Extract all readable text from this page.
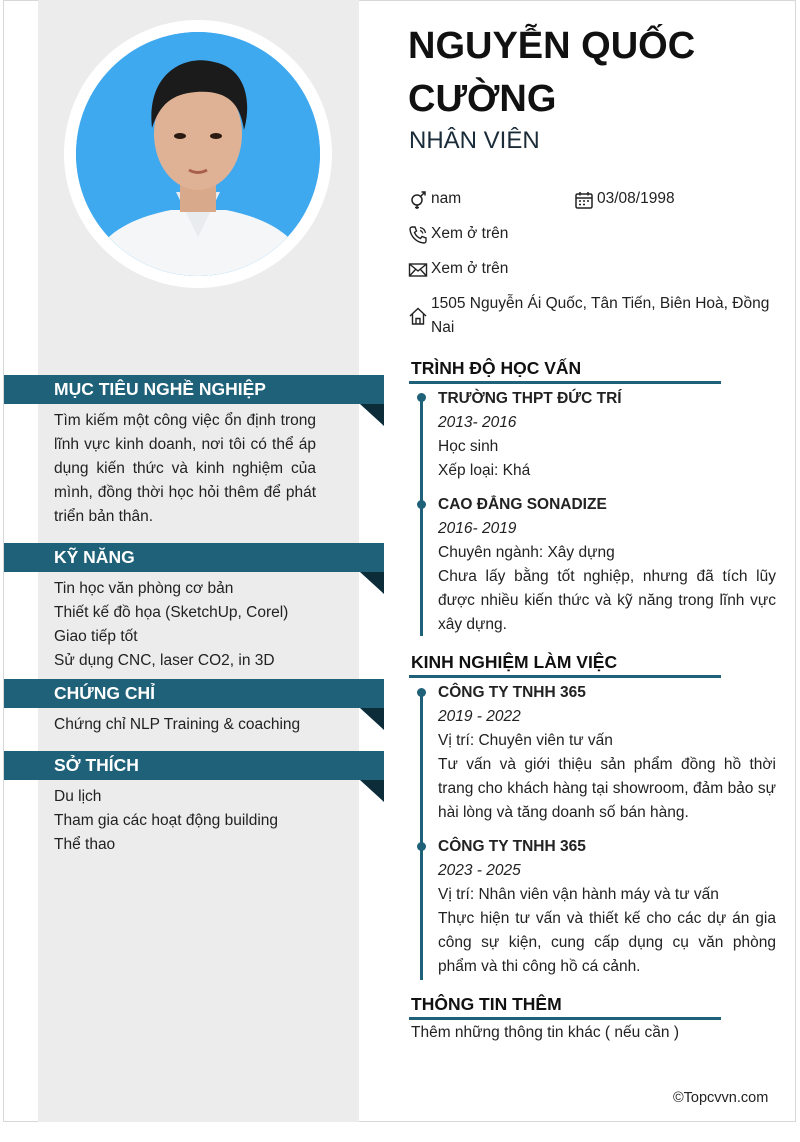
MỤC TIÊU NGHỀ NGHIỆP
Tìm kiếm một công việc ổn định trong lĩnh vực kinh doanh, nơi tôi có thể áp dụng kiến thức và kinh nghiệm của mình, đồng thời học hỏi thêm để phát triển bản thân.
KỸ NĂNG
Tin học văn phòng cơ bản
Thiết kế đồ họa (SketchUp, Corel)
Giao tiếp tốt
Sử dụng CNC, laser CO2, in 3D
CHỨNG CHỈ
Chứng chỉ NLP Training & coaching
SỞ THÍCH
Du lịch
Tham gia các hoạt động building
Thể thao
NGUYỄN QUỐC CƯỜNG
NHÂN VIÊN
nam	03/08/1998
Xem ở trên
Xem ở trên
1505 Nguyễn Ái Quốc, Tân Tiến, Biên Hoà, Đồng Nai
TRÌNH ĐỘ HỌC VẤN
TRƯỜNG THPT ĐỨC TRÍ
2013- 2016
Học sinh
Xếp loại: Khá
CAO ĐẲNG SONADIZE
2016- 2019
Chuyên ngành: Xây dựng
Chưa lấy bằng tốt nghiệp, nhưng đã tích lũy được nhiều kiến thức và kỹ năng trong lĩnh vực xây dựng.
KINH NGHIỆM LÀM VIỆC
CÔNG TY TNHH 365
2019 - 2022
Vị trí: Chuyên viên tư vấn
Tư vấn và giới thiệu sản phẩm đồng hồ thời trang cho khách hàng tại showroom, đảm bảo sự hài lòng và tăng doanh số bán hàng.
CÔNG TY TNHH 365
2023 - 2025
Vị trí: Nhân viên vận hành máy và tư vấn
Thực hiện tư vấn và thiết kế cho các dự án gia công sự kiện, cung cấp dụng cụ văn phòng phẩm và thi công hồ cá cảnh.
THÔNG TIN THÊM
Thêm những thông tin khác ( nếu cần )
©Topcvvn.com
